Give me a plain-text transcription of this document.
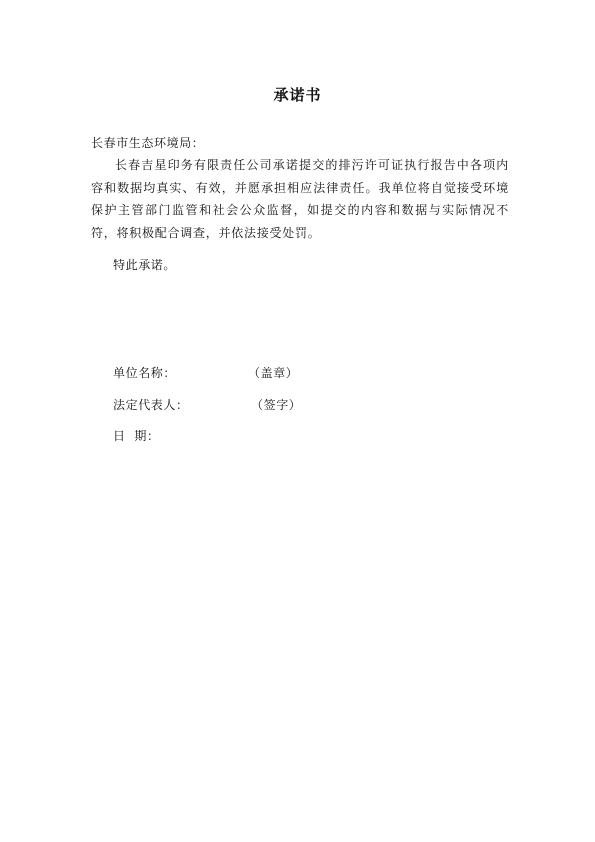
承诺书
长春市生态环境局：

长春吉星印务有限责任公司承诺提交的排污许可证执行报告中各项内容和数据均真实、有效，并愿承担相应法律责任。我单位将自觉接受环境保护主管部门监管和社会公众监督，如提交的内容和数据与实际情况不符，将积极配合调查，并依法接受处罚。

特此承诺。
单位名称：	（盖章）
法定代表人：	（签字）
日  期：
